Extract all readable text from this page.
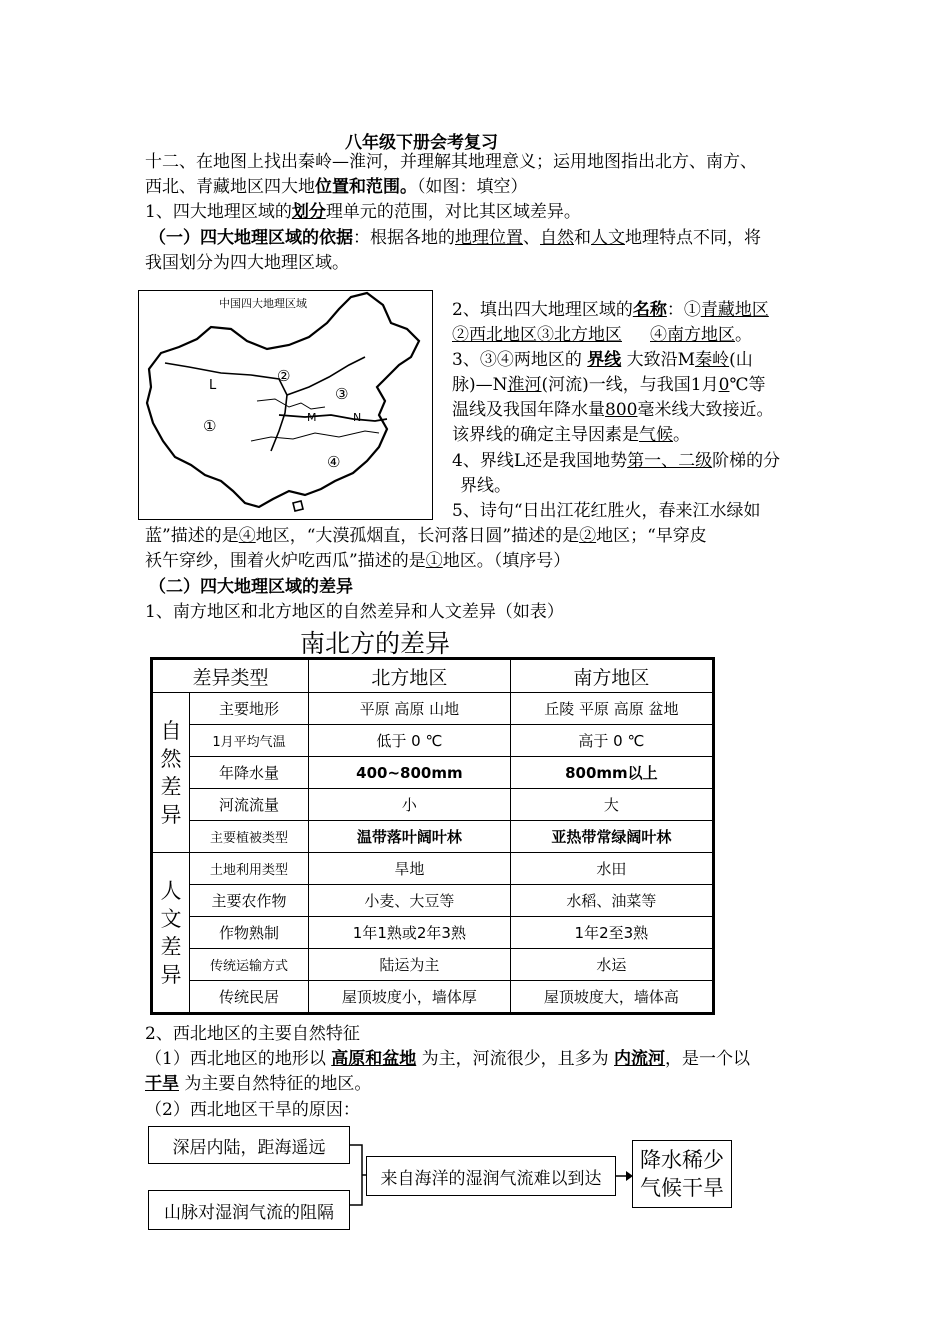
八年级下册会考复习
十二、在地图上找出秦岭—淮河，并理解其地理意义；运用地图指出北方、南方、
西北、青藏地区四大地位置和范围。（如图：填空）
1、四大地理区域的划分理单元的范围，对比其区域差异。
（一）四大地理区域的依据：根据各地的地理位置、自然和人文地理特点不同，将
我国划分为四大地理区域。
中国四大地理区域
L
②
③
①	M	N
④
2、填出四大地理区域的名称：①青藏地区
②西北地区③北方地区 ④南方地区。
3、③④两地区的 界线 大致沿M秦岭(山
脉)—N淮河(河流)一线，与我国1月0℃等
温线及我国年降水量800毫米线大致接近。
该界线的确定主导因素是气候。
4、界线L还是我国地势第一、二级阶梯的分
界线。
5、诗句“日出江花红胜火，春来江水绿如
蓝”描述的是④地区，“大漠孤烟直，长河落日圆”描述的是②地区；“早穿皮
袄午穿纱，围着火炉吃西瓜”描述的是①地区。（填序号）
（二）四大地理区域的差异
1、南方地区和北方地区的自然差异和人文差异（如表）
南北方的差异
差异类型		北方地区	南方地区
自然差异	主要地形	平原 高原 山地	丘陵 平原 高原 盆地
	1月平均气温	低于 0 ℃	高于 0 ℃
	年降水量	400~800mm	800mm以上
	河流流量	小	大
	主要植被类型	温带落叶阔叶林	亚热带常绿阔叶林
人文差异	土地利用类型	旱地	水田
	主要农作物	小麦、大豆等	水稻、油菜等
	作物熟制	1年1熟或2年3熟	1年2至3熟
	传统运输方式	陆运为主	水运
	传统民居	屋顶坡度小，墙体厚	屋顶坡度大，墙体高
2、西北地区的主要自然特征
（1）西北地区的地形以 高原和盆地 为主，河流很少，且多为 内流河，是一个以
干旱 为主要自然特征的地区。
（2）西北地区干旱的原因：
深居内陆，距海遥远
山脉对湿润气流的阻隔
来自海洋的湿润气流难以到达
降水稀少
气候干旱
